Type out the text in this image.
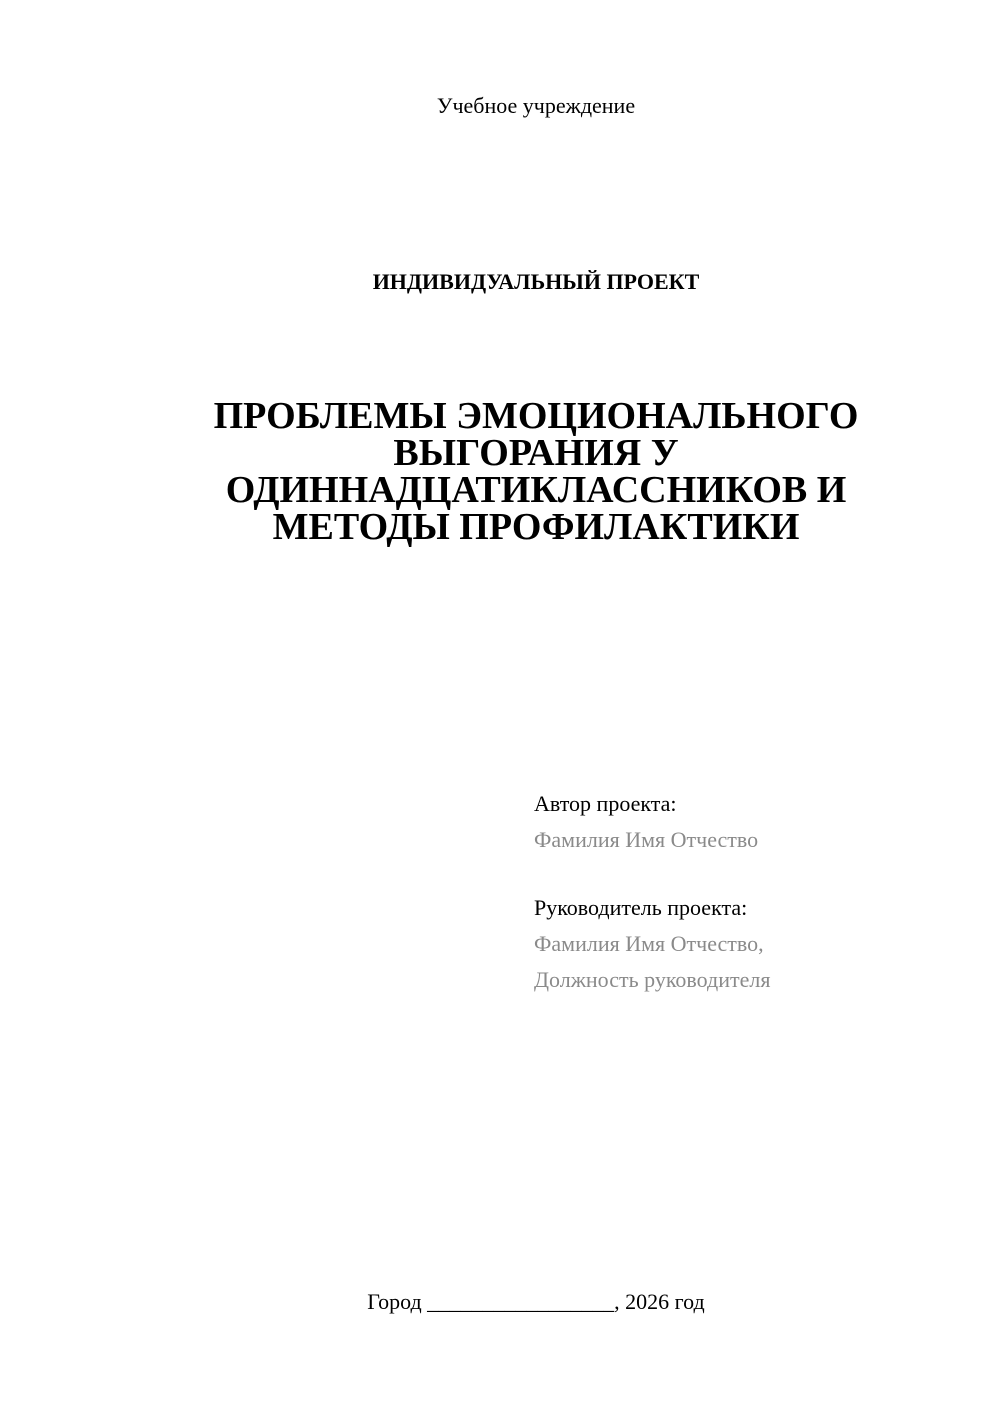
Учебное учреждение
ИНДИВИДУАЛЬНЫЙ ПРОЕКТ
ПРОБЛЕМЫ ЭМОЦИОНАЛЬНОГО
ВЫГОРАНИЯ У
ОДИННАДЦАТИКЛАССНИКОВ И
МЕТОДЫ ПРОФИЛАКТИКИ
Автор проекта:
Фамилия Имя Отчество
Руководитель проекта:
Фамилия Имя Отчество,
Должность руководителя
Город _________________, 2026 год
